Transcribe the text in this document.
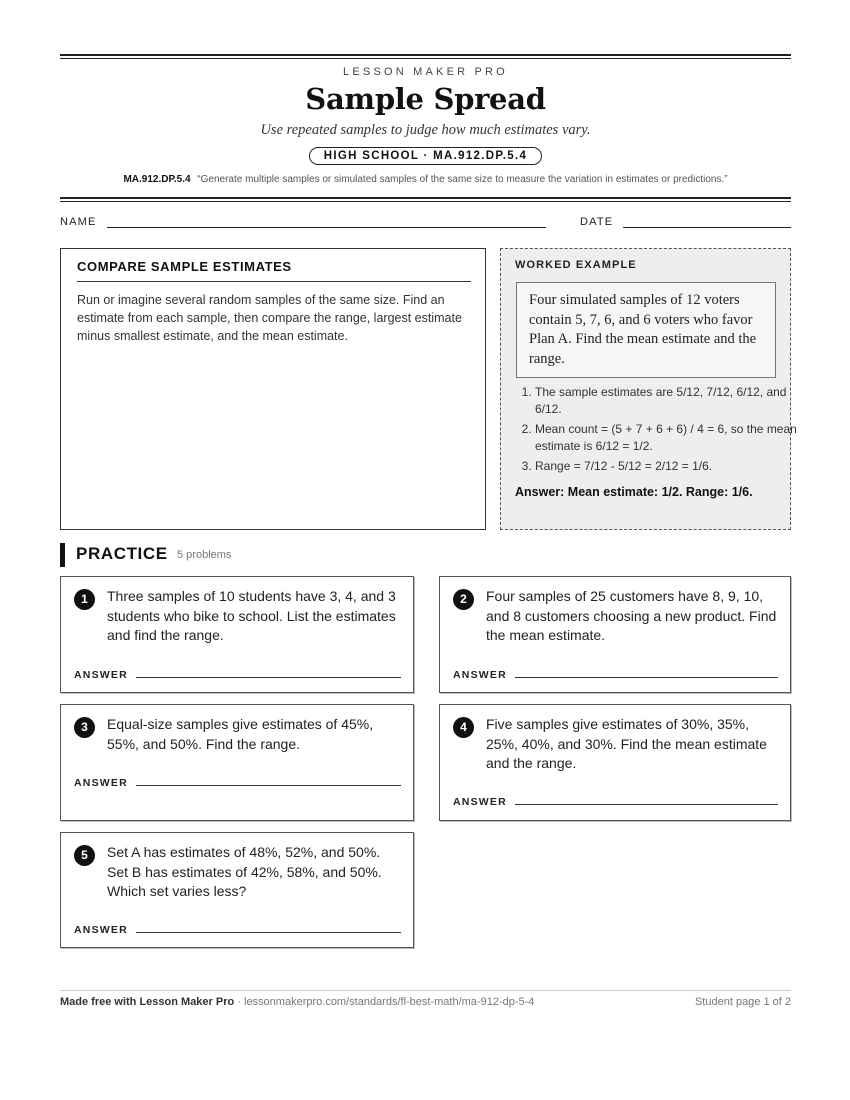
LESSON MAKER PRO
Sample Spread
Use repeated samples to judge how much estimates vary.
HIGH SCHOOL · MA.912.DP.5.4
MA.912.DP.5.4 “Generate multiple samples or simulated samples of the same size to measure the variation in estimates or predictions.”
NAME	DATE
COMPARE SAMPLE ESTIMATES

Run or imagine several random samples of the same size. Find an estimate from each sample, then compare the range, largest estimate minus smallest estimate, and the mean estimate.

WORKED EXAMPLE
Four simulated samples of 12 voters contain 5, 7, 6, and 6 voters who favor Plan A. Find the mean estimate and the range.
1. The sample estimates are 5/12, 7/12, 6/12, and 6/12.
2. Mean count = (5 + 7 + 6 + 6) / 4 = 6, so the mean estimate is 6/12 = 1/2.
3. Range = 7/12 - 5/12 = 2/12 = 1/6.
Answer: Mean estimate: 1/2. Range: 1/6.
PRACTICE 5 problems
1	Three samples of 10 students have 3, 4, and 3 students who bike to school. List the estimates and find the range.
ANSWER
2	Four samples of 25 customers have 8, 9, 10, and 8 customers choosing a new product. Find the mean estimate.
ANSWER
3	Equal-size samples give estimates of 45%, 55%, and 50%. Find the range.
ANSWER
4	Five samples give estimates of 30%, 35%, 25%, 40%, and 30%. Find the mean estimate and the range.
ANSWER
5	Set A has estimates of 48%, 52%, and 50%. Set B has estimates of 42%, 58%, and 50%. Which set varies less?
ANSWER
Made free with Lesson Maker Pro · lessonmakerpro.com/standards/fl-best-math/ma-912-dp-5-4	Student page 1 of 2
